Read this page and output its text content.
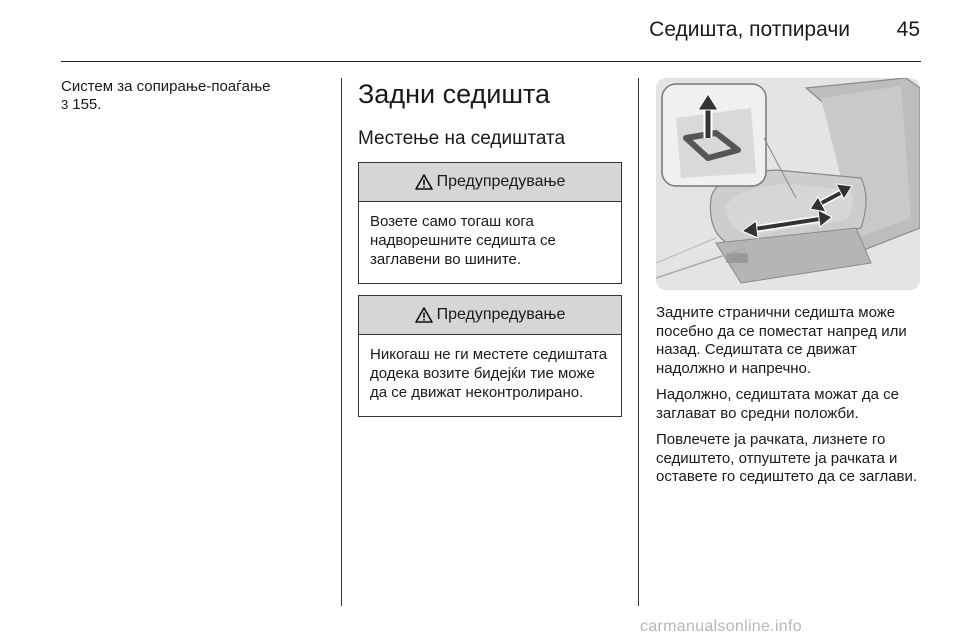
Седишта, потпирачи	45
Систем за сопирање-поаѓање
3 155.	Задни седишта
Местење на седиштата
Предупредување
Возете само тогаш кога надворешните седишта се заглавени во шините.
Предупредување
Никогаш не ги местете седиштата додека возите бидејќи тие може да се движат неконтролирано.

Задните странични седишта може посебно да се поместат напред или назад. Седиштата се движат надолжно и напречно.

Надолжно, седиштата можат да се заглават во средни положби.

Повлечете ја рачката, лизнете го седиштето, отпуштете ја рачката и оставете го седиштето да се заглави.

carmanualsonline.info
